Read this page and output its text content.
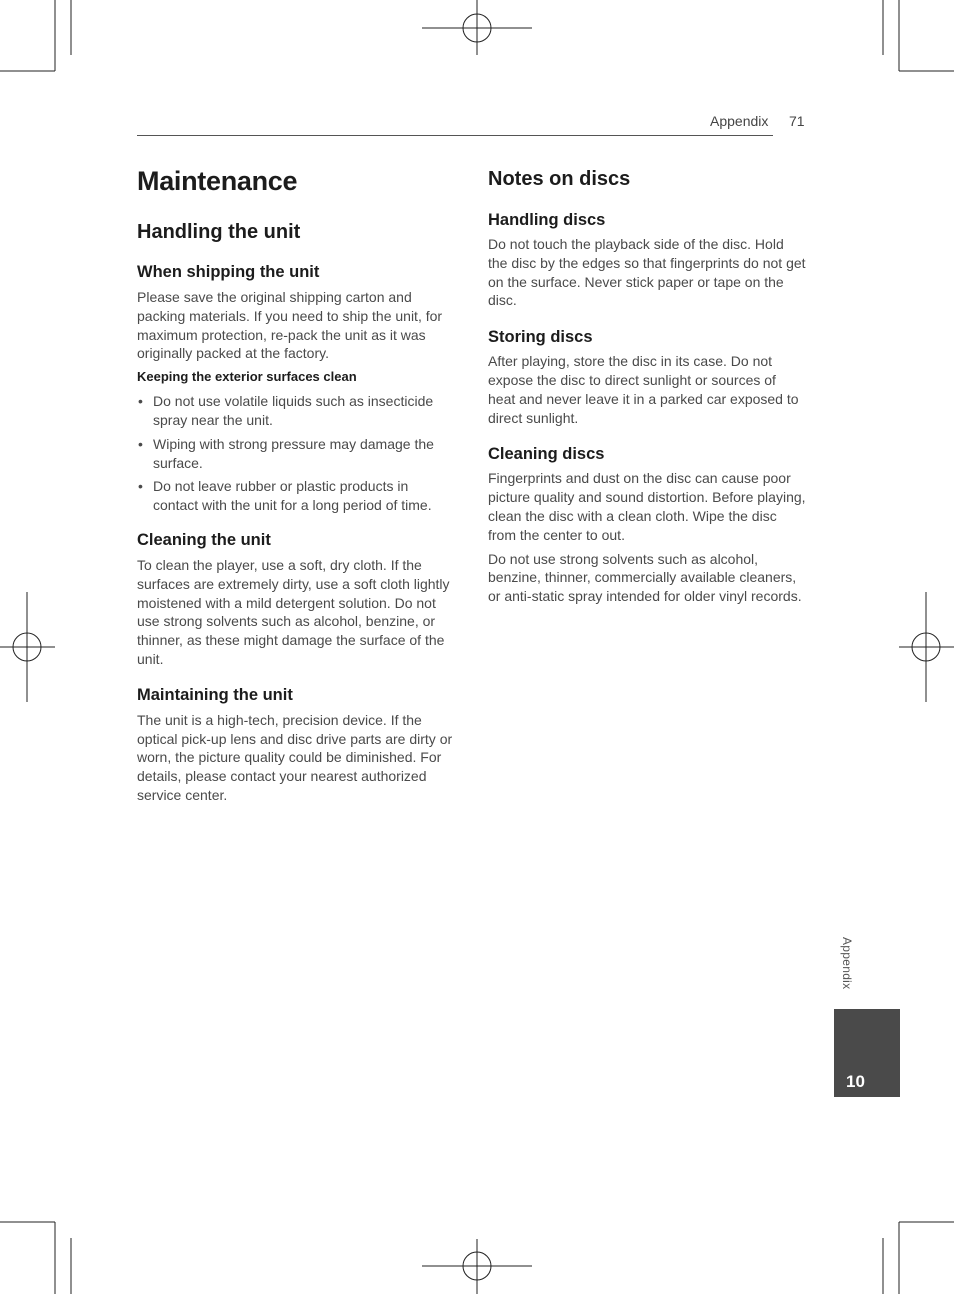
Appendix 71
Maintenance
Handling the unit
When shipping the unit

Please save the original shipping carton and packing materials. If you need to ship the unit, for maximum protection, re-pack the unit as it was originally packed at the factory.

Keeping the exterior surfaces clean
• Do not use volatile liquids such as insecticide spray near the unit.
• Wiping with strong pressure may damage the surface.
• Do not leave rubber or plastic products in contact with the unit for a long period of time.
Cleaning the unit

To clean the player, use a soft, dry cloth. If the surfaces are extremely dirty, use a soft cloth lightly moistened with a mild detergent solution. Do not use strong solvents such as alcohol, benzine, or thinner, as these might damage the surface of the unit.

Maintaining the unit

The unit is a high-tech, precision device. If the optical pick-up lens and disc drive parts are dirty or worn, the picture quality could be diminished. For details, please contact your nearest authorized service center.

Notes on discs
Handling discs

Do not touch the playback side of the disc. Hold the disc by the edges so that fingerprints do not get on the surface. Never stick paper or tape on the disc.

Storing discs

After playing, store the disc in its case. Do not expose the disc to direct sunlight or sources of heat and never leave it in a parked car exposed to direct sunlight.

Cleaning discs

Fingerprints and dust on the disc can cause poor picture quality and sound distortion. Before playing, clean the disc with a clean cloth. Wipe the disc from the center to out.

Do not use strong solvents such as alcohol, benzine, thinner, commercially available cleaners, or anti-static spray intended for older vinyl records.

Appendix
10
